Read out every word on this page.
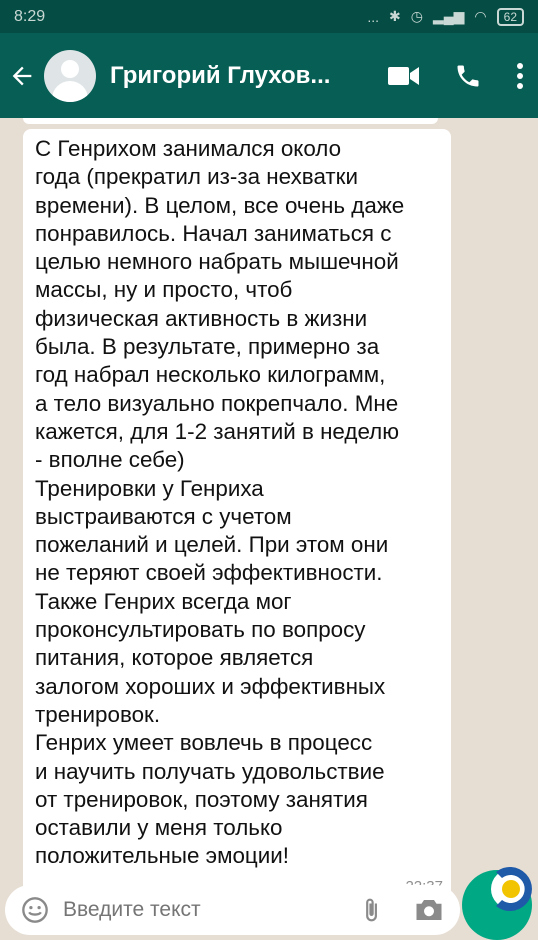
8:29	... ✱ ◷ ▂▄▆ ◠	62
Григорий Глухов...
С Генрихом занимался около
года (прекратил из-за нехватки
времени). В целом, все очень даже
понравилось. Начал заниматься с
целью немного набрать мышечной
массы, ну и просто, чтоб
физическая активность в жизни
была. В результате, примерно за
год набрал несколько килограмм,
а тело визуально покрепчало. Мне
кажется, для 1-2 занятий в неделю
- вполне себе)
Тренировки у Генриха
выстраиваются с учетом
пожеланий и целей. При этом они
не теряют своей эффективности.
Также Генрих всегда мог
проконсультировать по вопросу
питания, которое является
залогом хороших и эффективных
тренировок.
Генрих умеет вовлечь в процесс
и научить получать удовольствие
от тренировок, поэтому занятия
оставили у меня только
положительные эмоции!
Введите текст
